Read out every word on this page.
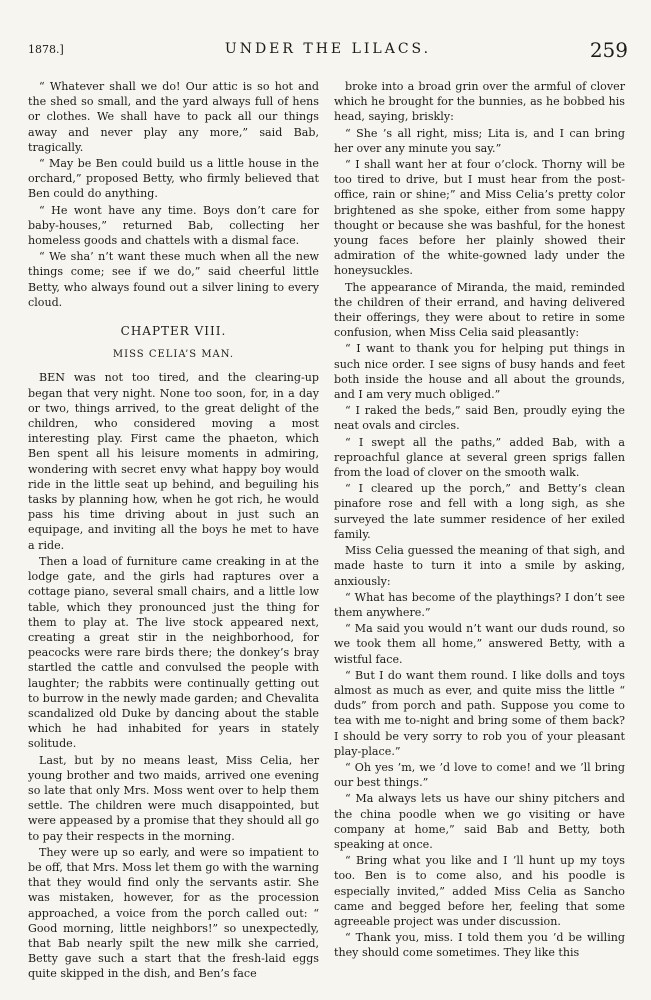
1878.]	UNDER THE LILACS.	259

“ Whatever shall we do! Our attic is so hot and the shed so small, and the yard always full of hens or clothes. We shall have to pack all our things away and never play any more,” said Bab, tragically.

“ May be Ben could build us a little house in the orchard,” proposed Betty, who firmly believed that Ben could do anything.

“ He wont have any time. Boys don’t care for baby-houses,” returned Bab, collecting her homeless goods and chattels with a dismal face.

“ We sha’ n’t want these much when all the new things come; see if we do,” said cheerful little Betty, who always found out a silver lining to every cloud.

CHAPTER VIII.
MISS CELIA’S MAN.

BEN was not too tired, and the clearing-up began that very night. None too soon, for, in a day or two, things arrived, to the great delight of the children, who considered moving a most interesting play. First came the phaeton, which Ben spent all his leisure moments in admiring, wondering with secret envy what happy boy would ride in the little seat up behind, and beguiling his tasks by planning how, when he got rich, he would pass his time driving about in just such an equipage, and inviting all the boys he met to have a ride.

Then a load of furniture came creaking in at the lodge gate, and the girls had raptures over a cottage piano, several small chairs, and a little low table, which they pronounced just the thing for them to play at. The live stock appeared next, creating a great stir in the neighborhood, for peacocks were rare birds there; the donkey’s bray startled the cattle and convulsed the people with laughter; the rabbits were continually getting out to burrow in the newly made garden; and Chevalita scandalized old Duke by dancing about the stable which he had inhabited for years in stately solitude.

Last, but by no means least, Miss Celia, her young brother and two maids, arrived one evening so late that only Mrs. Moss went over to help them settle. The children were much disappointed, but were appeased by a promise that they should all go to pay their respects in the morning.

They were up so early, and were so impatient to be off, that Mrs. Moss let them go with the warning that they would find only the servants astir. She was mistaken, however, for as the procession approached, a voice from the porch called out: “ Good morning, little neighbors!” so unexpectedly, that Bab nearly spilt the new milk she carried, Betty gave such a start that the fresh-laid eggs quite skipped in the dish, and Ben’s face

broke into a broad grin over the armful of clover which he brought for the bunnies, as he bobbed his head, saying, briskly:

“ She ’s all right, miss; Lita is, and I can bring her over any minute you say.”

“ I shall want her at four o’clock. Thorny will be too tired to drive, but I must hear from the post-office, rain or shine;” and Miss Celia’s pretty color brightened as she spoke, either from some happy thought or because she was bashful, for the honest young faces before her plainly showed their admiration of the white-gowned lady under the honeysuckles.

The appearance of Miranda, the maid, reminded the children of their errand, and having delivered their offerings, they were about to retire in some confusion, when Miss Celia said pleasantly:

“ I want to thank you for helping put things in such nice order. I see signs of busy hands and feet both inside the house and all about the grounds, and I am very much obliged.”

“ I raked the beds,” said Ben, proudly eying the neat ovals and circles.

“ I swept all the paths,” added Bab, with a reproachful glance at several green sprigs fallen from the load of clover on the smooth walk.

“ I cleared up the porch,” and Betty’s clean pinafore rose and fell with a long sigh, as she surveyed the late summer residence of her exiled family.

Miss Celia guessed the meaning of that sigh, and made haste to turn it into a smile by asking, anxiously:

“ What has become of the playthings? I don’t see them anywhere.”

“ Ma said you would n’t want our duds round, so we took them all home,” answered Betty, with a wistful face.

“ But I do want them round. I like dolls and toys almost as much as ever, and quite miss the little “ duds” from porch and path. Suppose you come to tea with me to-night and bring some of them back? I should be very sorry to rob you of your pleasant play-place.”

“ Oh yes ’m, we ’d love to come! and we ’ll bring our best things.”

“ Ma always lets us have our shiny pitchers and the china poodle when we go visiting or have company at home,” said Bab and Betty, both speaking at once.

“ Bring what you like and I ’ll hunt up my toys too. Ben is to come also, and his poodle is especially invited,” added Miss Celia as Sancho came and begged before her, feeling that some agreeable project was under discussion.

“ Thank you, miss. I told them you ’d be willing they should come sometimes. They like this
